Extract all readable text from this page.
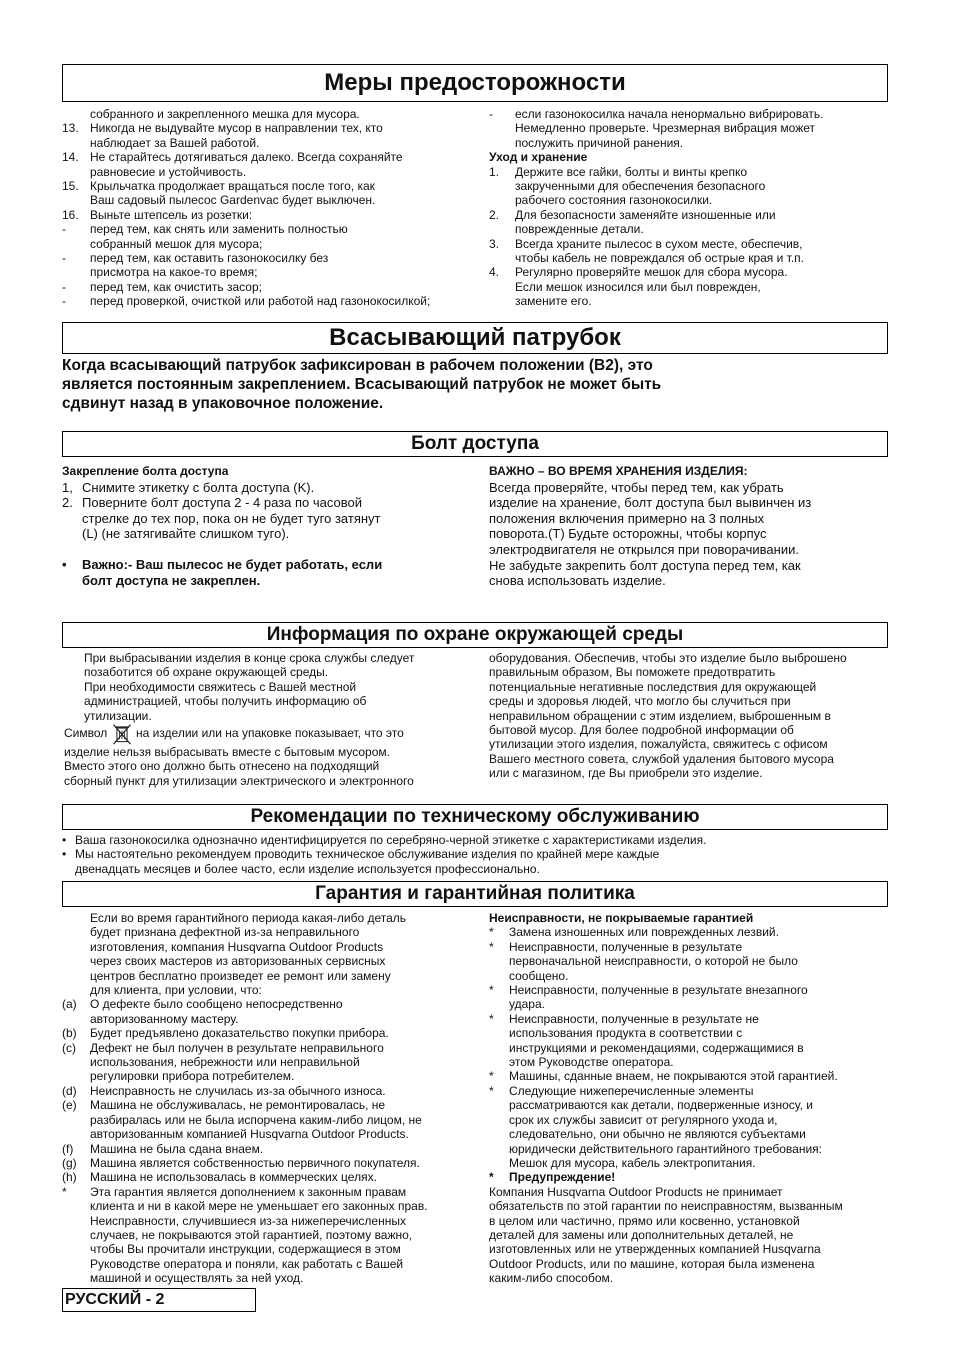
Меры предосторожности
собранного и закрепленного мешка для мусора.
13. Никогда не выдувайте мусор в направлении тех, кто
наблюдает за Вашей работой.
14. Не старайтесь дотягиваться далеко. Всегда сохраняйте
равновесие и устойчивость.
15. Крыльчатка продолжает вращаться после того, как
Ваш садовый пылесос Gardenvac будет выключен.
16. Выньте штепсель из розетки:
-	перед тем, как снять или заменить полностью
собранный мешок для мусора;
-	перед тем, как оставить газонокосилку без
присмотра на какое-то время;
-	перед тем, как очистить засор;
-	перед проверкой, очисткой или работой над газонокосилкой;
-	если газонокосилка начала ненормально вибрировать.
Немедленно проверьте. Чрезмерная вибрация может
послужить причиной ранения.
Уход и хранение
1.	Держите все гайки, болты и винты крепко
закрученными для обеспечения безопасного
рабочего состояния газонокосилки.
2.	Для безопасности заменяйте изношенные или
поврежденные детали.
3.	Всегда храните пылесос в сухом месте, обеспечив,
чтобы кабель не повреждался об острые края и т.п.
4.	Регулярно проверяйте мешок для сбора мусора.
Если мешок износился или был поврежден,
замените его.
Всасывающий патрубок
Когда всасывающий патрубок зафиксирован в рабочем положении (B2), это
является постоянным закреплением. Всасывающий патрубок не может быть
сдвинут назад в упаковочное положение.
Болт доступа
Закрепление болта доступа
1, Снимите этикетку с болта доступа (K).
2. Поверните болт доступа 2 - 4 раза по часовой
стрелке до тех пор, пока он не будет туго затянут
(L) (не затягивайте слишком туго).
•	Важно:- Ваш пылесос не будет работать, если
болт доступа не закреплен.
ВАЖНО – ВО ВРЕМЯ ХРАНЕНИЯ ИЗДЕЛИЯ:
Всегда проверяйте, чтобы перед тем, как убрать
изделие на хранение, болт доступа был вывинчен из
положения включения примерно на 3 полных
поворота.(T) Будьте осторожны, чтобы корпус
электродвигателя не открылся при поворачивании.
Не забудьте закрепить болт доступа перед тем, как
снова использовать изделие.
Информация по охране окружающей среды
При выбрасывании изделия в конце срока службы следует
позаботится об охране окружающей среды.
При необходимости свяжитесь с Вашей местной
администрацией, чтобы получить информацию об
утилизации.
Символ на изделии или на упаковке показывает, что это
изделие нельзя выбрасывать вместе с бытовым мусором.
Вместо этого оно должно быть отнесено на подходящий
сборный пункт для утилизации электрического и электронного
оборудования. Обеспечив, чтобы это изделие было выброшено
правильным образом, Вы поможете предотвратить
потенциальные негативные последствия для окружающей
среды и здоровья людей, что могло бы случиться при
неправильном обращении с этим изделием, выброшенным в
бытовой мусор. Для более подробной информации об
утилизации этого изделия, пожалуйста, свяжитесь с офисом
Вашего местного совета, службой удаления бытового мусора
или с магазином, где Вы приобрели это изделие.
Рекомендации по техническому обслуживанию
• Ваша газонокосилка однозначно идентифицируется по серебряно-черной этикетке с характеристиками изделия.
• Мы настоятельно рекомендуем проводить техническое обслуживание изделия по крайней мере каждые
двенадцать месяцев и более часто, если изделие используется профессионально.
Гарантия и гарантийная политика
Если во время гарантийного периода какая-либо деталь
будет признана дефектной из-за неправильного
изготовления, компания Husqvarna Outdoor Products
через своих мастеров из авторизованных сервисных
центров бесплатно произведет ее ремонт или замену
для клиента, при условии, что:
(a)	О дефекте было сообщено непосредственно
авторизованному мастеру.
(b)	Будет предъявлено доказательство покупки прибора.
(c)	Дефект не был получен в результате неправильного
использования, небрежности или неправильной
регулировки прибора потребителем.
(d)	Неисправность не случилась из-за обычного износа.
(e)	Машина не обслуживалась, не ремонтировалась, не
разбиралась или не была испорчена каким-либо лицом, не
авторизованным компанией Husqvarna Outdoor Products.
(f)	Машина не была сдана внаем.
(g)	Машина является собственностью первичного покупателя.
(h)	Машина не использовалась в коммерческих целях.
*	Эта гарантия является дополнением к законным правам
клиента и ни в какой мере не уменьшает его законных прав.
Неисправности, случившиеся из-за нижеперечисленных
случаев, не покрываются этой гарантией, поэтому важно,
чтобы Вы прочитали инструкции, содержащиеся в этом
Руководстве оператора и поняли, как работать с Вашей
машиной и осуществлять за ней уход.
Неисправности, не покрываемые гарантией
*	Замена изношенных или поврежденных лезвий.
*	Неисправности, полученные в результате
первоначальной неисправности, о которой не было
сообщено.
*	Неисправности, полученные в результате внезапного
удара.
*	Неисправности, полученные в результате не
использования продукта в соответствии с
инструкциями и рекомендациями, содержащимися в
этом Руководстве оператора.
*	Машины, сданные внаем, не покрываются этой гарантией.
*	Следующие нижеперечисленные элементы
рассматриваются как детали, подверженные износу, и
срок их службы зависит от регулярного ухода и,
следовательно, они обычно не являются субъектами
юридически действительного гарантийного требования:
Мешок для мусора, кабель электропитания.
*	Предупреждение!
Компания Husqvarna Outdoor Products не принимает
обязательств по этой гарантии по неисправностям, вызванным
в целом или частично, прямо или косвенно, установкой
деталей для замены или дополнительных деталей, не
изготовленных или не утвержденных компанией Husqvarna
Outdoor Products, или по машине, которая была изменена
каким-либо способом.
РУССКИЙ - 2
